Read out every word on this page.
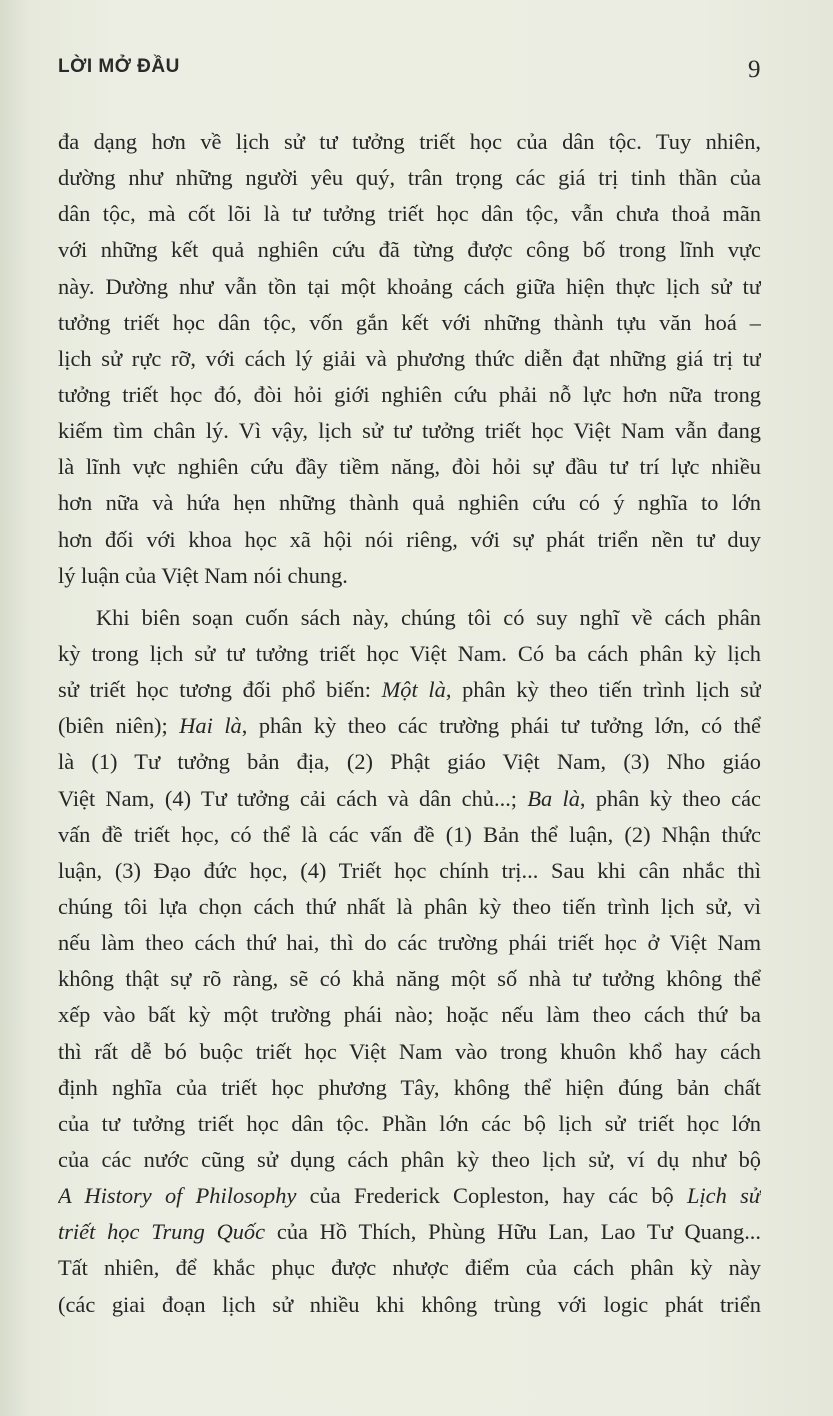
LỜI MỞ ĐẦU	9
đa dạng hơn về lịch sử tư tưởng triết học của dân tộc. Tuy nhiên,
dường như những người yêu quý, trân trọng các giá trị tinh thần của
dân tộc, mà cốt lõi là tư tưởng triết học dân tộc, vẫn chưa thoả mãn
với những kết quả nghiên cứu đã từng được công bố trong lĩnh vực
này. Dường như vẫn tồn tại một khoảng cách giữa hiện thực lịch sử tư
tưởng triết học dân tộc, vốn gắn kết với những thành tựu văn hoá –
lịch sử rực rỡ, với cách lý giải và phương thức diễn đạt những giá trị tư
tưởng triết học đó, đòi hỏi giới nghiên cứu phải nỗ lực hơn nữa trong
kiếm tìm chân lý. Vì vậy, lịch sử tư tưởng triết học Việt Nam vẫn đang
là lĩnh vực nghiên cứu đầy tiềm năng, đòi hỏi sự đầu tư trí lực nhiều
hơn nữa và hứa hẹn những thành quả nghiên cứu có ý nghĩa to lớn
hơn đối với khoa học xã hội nói riêng, với sự phát triển nền tư duy
lý luận của Việt Nam nói chung.
Khi biên soạn cuốn sách này, chúng tôi có suy nghĩ về cách phân
kỳ trong lịch sử tư tưởng triết học Việt Nam. Có ba cách phân kỳ lịch
sử triết học tương đối phổ biến: Một là, phân kỳ theo tiến trình lịch sử
(biên niên); Hai là, phân kỳ theo các trường phái tư tưởng lớn, có thể
là (1) Tư tưởng bản địa, (2) Phật giáo Việt Nam, (3) Nho giáo
Việt Nam, (4) Tư tưởng cải cách và dân chủ...; Ba là, phân kỳ theo các
vấn đề triết học, có thể là các vấn đề (1) Bản thể luận, (2) Nhận thức
luận, (3) Đạo đức học, (4) Triết học chính trị... Sau khi cân nhắc thì
chúng tôi lựa chọn cách thứ nhất là phân kỳ theo tiến trình lịch sử, vì
nếu làm theo cách thứ hai, thì do các trường phái triết học ở Việt Nam
không thật sự rõ ràng, sẽ có khả năng một số nhà tư tưởng không thể
xếp vào bất kỳ một trường phái nào; hoặc nếu làm theo cách thứ ba
thì rất dễ bó buộc triết học Việt Nam vào trong khuôn khổ hay cách
định nghĩa của triết học phương Tây, không thể hiện đúng bản chất
của tư tưởng triết học dân tộc. Phần lớn các bộ lịch sử triết học lớn
của các nước cũng sử dụng cách phân kỳ theo lịch sử, ví dụ như bộ
A History of Philosophy của Frederick Copleston, hay các bộ Lịch sử
triết học Trung Quốc của Hồ Thích, Phùng Hữu Lan, Lao Tư Quang...
Tất nhiên, để khắc phục được nhược điểm của cách phân kỳ này
(các giai đoạn lịch sử nhiều khi không trùng với logic phát triển
